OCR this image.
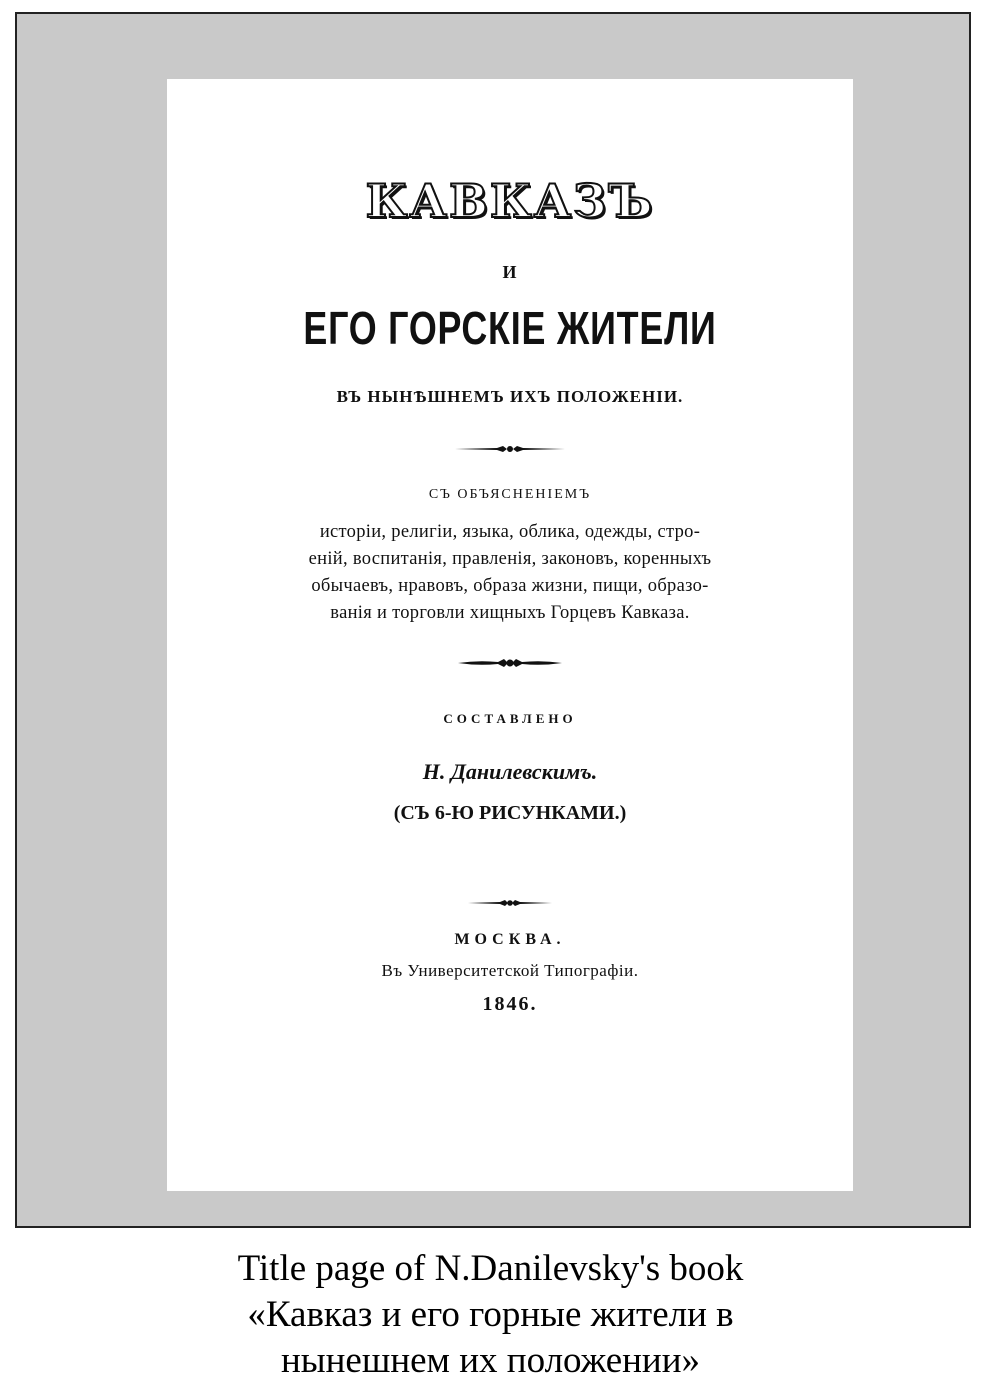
КАВКАЗЪ
И
ЕГО ГОРСКІЕ ЖИТЕЛИ
ВЪ НЫНѢШНЕМЪ ИХЪ ПОЛОЖЕНІИ.
СЪ ОБЪЯСНЕНІЕМЪ
исторіи, религіи, языка, облика, одежды, стро-
еній, воспитанія, правленія, законовъ, коренныхъ
обычаевъ, нравовъ, образа жизни, пищи, образо-
ванія и торговли хищныхъ Горцевъ Кавказа.
СОСТАВЛЕНО
Н. Данилевскимъ.
(СЪ 6-Ю РИСУНКАМИ.)
МОСКВА.
Въ Университетской Типографіи.
1846.
Title page of N.Danilevsky's book
«Кавказ и его горные жители в
нынешнем их положении»
